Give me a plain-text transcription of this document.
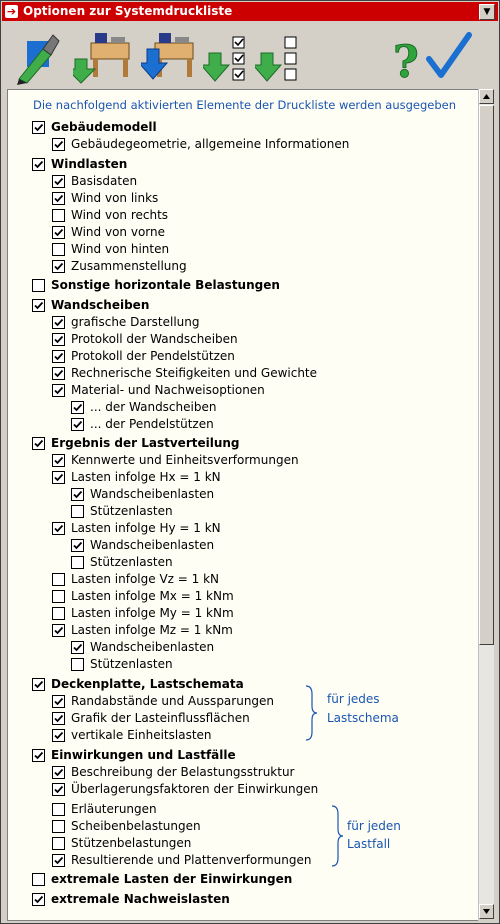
➔ Optionen zur Systemdruckliste	▼
?
Die nachfolgend aktivierten Elemente der Druckliste werden ausgegeben
Gebäudemodell
Gebäudegeometrie, allgemeine Informationen
Windlasten
Basisdaten
Wind von links
Wind von rechts
Wind von vorne
Wind von hinten
Zusammenstellung
Sonstige horizontale Belastungen
Wandscheiben
grafische Darstellung
Protokoll der Wandscheiben
Protokoll der Pendelstützen
Rechnerische Steifigkeiten und Gewichte
Material- und Nachweisoptionen
... der Wandscheiben
... der Pendelstützen
Ergebnis der Lastverteilung
Kennwerte und Einheitsverformungen
Lasten infolge Hx = 1 kN
Wandscheibenlasten
Stützenlasten
Lasten infolge Hy = 1 kN
Wandscheibenlasten
Stützenlasten
Lasten infolge Vz = 1 kN
Lasten infolge Mx = 1 kNm
Lasten infolge My = 1 kNm
Lasten infolge Mz = 1 kNm
Wandscheibenlasten
Stützenlasten
Deckenplatte, Lastschemata
Randabstände und Aussparungen
Grafik der Lasteinflussflächen
vertikale Einheitslasten
Einwirkungen und Lastfälle
Beschreibung der Belastungsstruktur
Überlagerungsfaktoren der Einwirkungen
Erläuterungen
Scheibenbelastungen
Stützenbelastungen
Resultierende und Plattenverformungen
extremale Lasten der Einwirkungen
extremale Nachweislasten
für jedes
Lastschema
für jeden
Lastfall
